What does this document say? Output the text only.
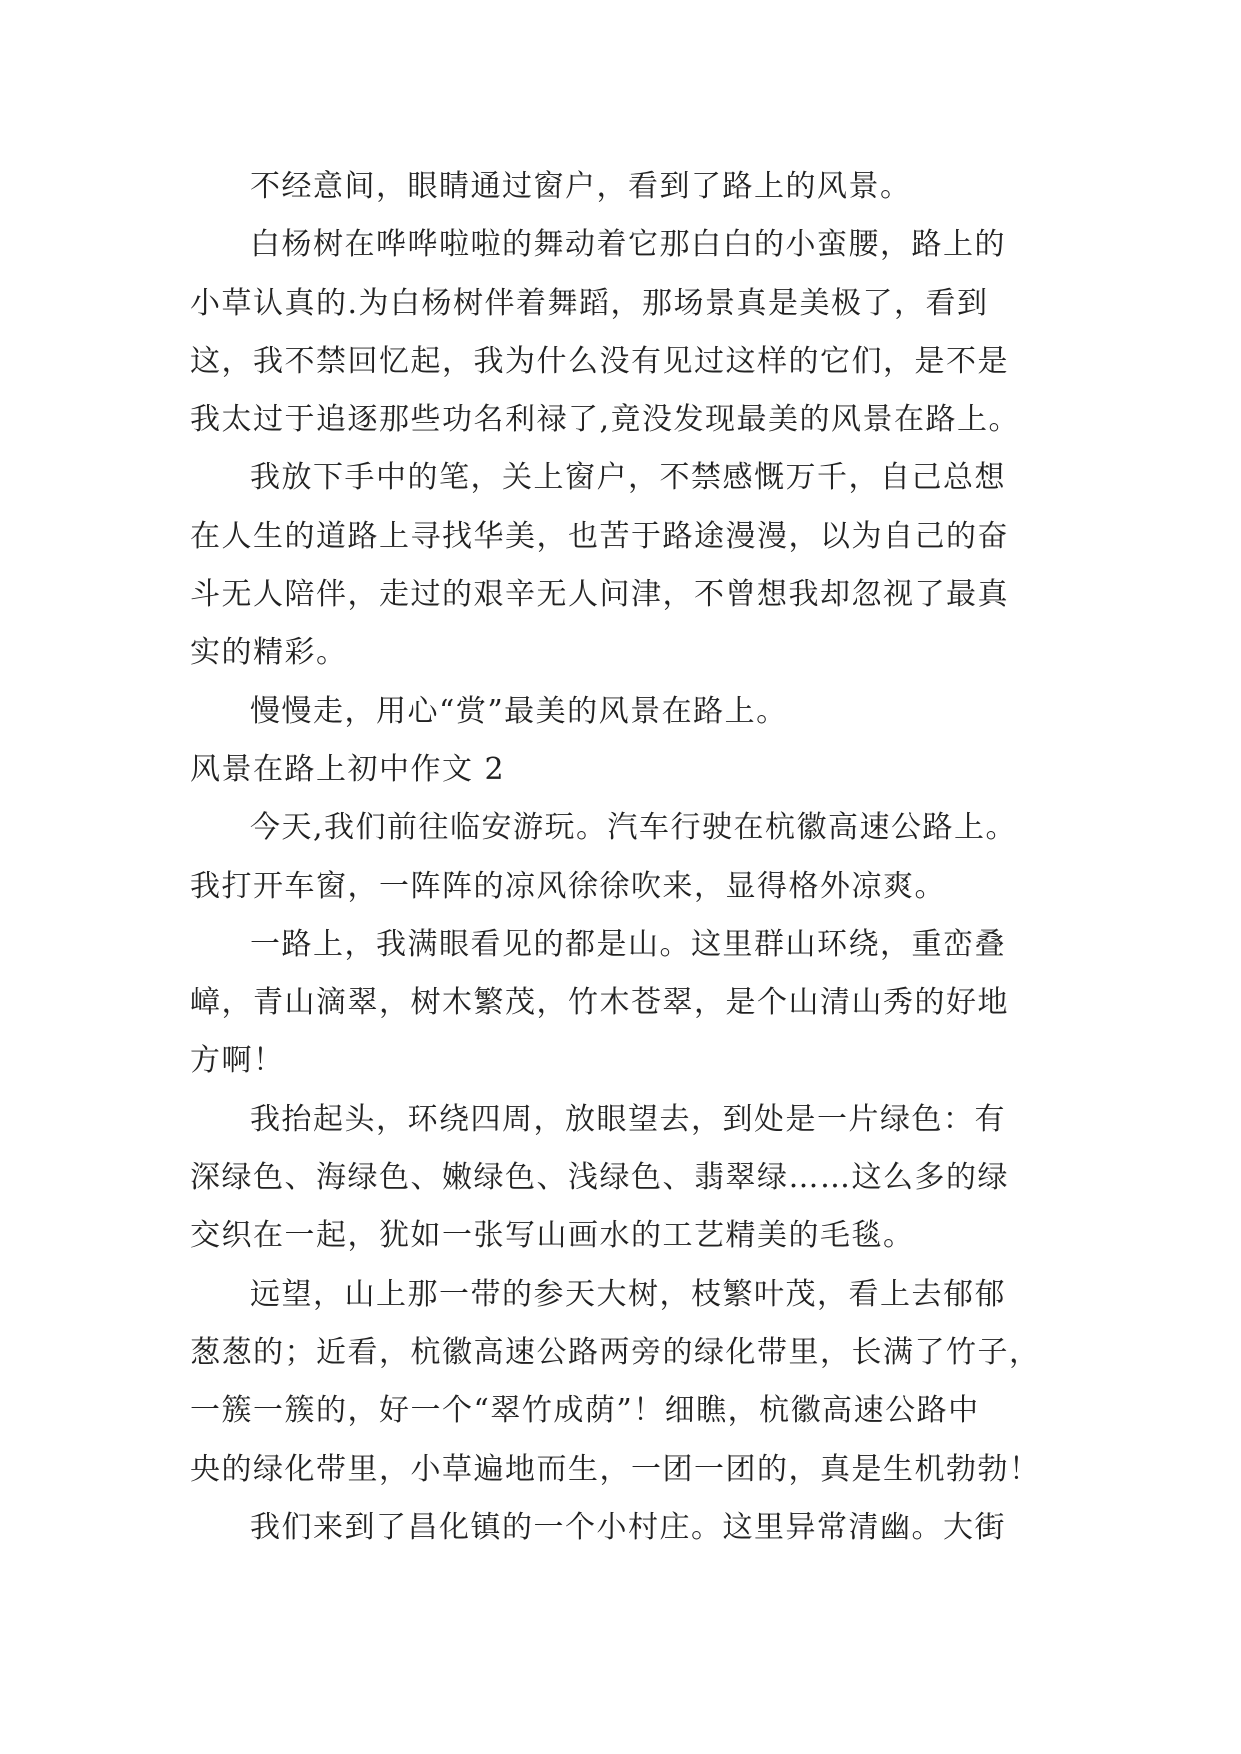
不经意间，眼睛通过窗户，看到了路上的风景。

白杨树在哗哗啦啦的舞动着它那白白的小蛮腰，路上的
小草认真的.为白杨树伴着舞蹈，那场景真是美极了，看到
这，我不禁回忆起，我为什么没有见过这样的它们，是不是
我太过于追逐那些功名利禄了,竟没发现最美的风景在路上。

我放下手中的笔，关上窗户，不禁感慨万千，自己总想
在人生的道路上寻找华美，也苦于路途漫漫，以为自己的奋
斗无人陪伴，走过的艰辛无人问津，不曾想我却忽视了最真
实的精彩。

慢慢走，用心“赏”最美的风景在路上。

风景在路上初中作文 2

今天,我们前往临安游玩。汽车行驶在杭徽高速公路上。
我打开车窗，一阵阵的凉风徐徐吹来，显得格外凉爽。

一路上，我满眼看见的都是山。这里群山环绕，重峦叠
嶂，青山滴翠，树木繁茂，竹木苍翠，是个山清山秀的好地
方啊！

我抬起头，环绕四周，放眼望去，到处是一片绿色：有
深绿色、海绿色、嫩绿色、浅绿色、翡翠绿……这么多的绿
交织在一起，犹如一张写山画水的工艺精美的毛毯。

远望，山上那一带的参天大树，枝繁叶茂，看上去郁郁
葱葱的；近看，杭徽高速公路两旁的绿化带里，长满了竹子，
一簇一簇的，好一个“翠竹成荫”！细瞧，杭徽高速公路中
央的绿化带里，小草遍地而生，一团一团的，真是生机勃勃！

我们来到了昌化镇的一个小村庄。这里异常清幽。大街
